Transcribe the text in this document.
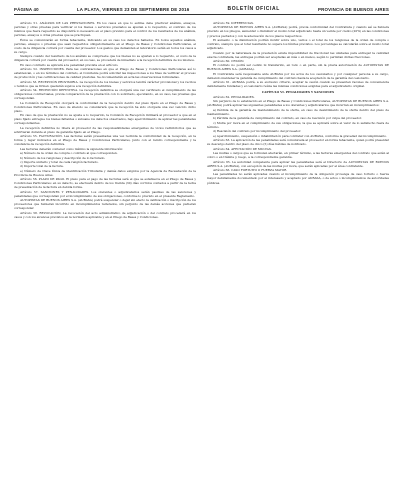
PÁGINA 40	LA PLATA, VIERNES 23 DE SEPTIEMBRE DE 2016	BOLETÍN OFICIAL	PROVINCIA DE BUENOS AIRES

Artículo 51. ANÁLISIS DE LAS PRESTACIONES. En los casos en que lo estime debe practicar análisis, ensayos, pericias y otras pruebas para verificar si los bienes o servicios prestados se ajustan a lo requerido, el contrato de los mismos que fuera requerido se dispondrá lo necesario en el plazo previsto para el control de los resultados de los análisis, pericias, ensayos u otras pruebas que se practiquen.

Éstos se comunicarán en forma fehaciente, indicando en su caso los defectos hallados. En todos aquellos análisis, pericias, ensayos o pruebas que sean requeridos obligatoriamente en el Pliego de Bases y Condiciones Particulares, el costo de la diligencia correrá por cuenta del proveedor. Los gastos que demanden el laboratorio serán en todos los casos a su cargo.

Siempre cuando del resultado de los análisis se compruebe que los bienes no se ajustan a lo requerido, el costo de la diligencia correrá por cuenta del proveedor, en su caso, se procederá de inmediato a la recepción definitiva de los mismos.

En caso contrario se aplicará a la penalidad prevista en el artículo.

Artículo 52. INSPECCIONES. Para las contrataciones en que el Pliego de Bases y Condiciones Particulares así lo establezcan, o en los términos del contrato, el Comitente podrá solicitar las inspecciones a los fines de verificar el proceso de producción y las certificaciones de calidad previstas. Se documentarán en acta las observaciones formuladas.

Artículo 53. RECEPCIÓN PROVISORIA. La recepción de los bienes y servicios tendrá carácter provisional y los recibos o remitos que se firmen quedarán sujetos a la recepción definitiva.

Artículo 54. RECEPCIÓN DEFINITIVA. La recepción definitiva se otorgará una vez verificado el cumplimiento de las obligaciones contractuales, previa comparación de la prestación con lo solicitado, ejecutando, en su caso, las pruebas que correspondan.

La Comisión de Recepción otorgará la conformidad de la recepción dentro del plazo fijado en el Pliego de Bases y Condiciones Particulares. En caso de silencio se considerará que la recepción ha sido otorgada una vez vencido dicho plazo.

En caso de que la prestación no se ajuste a lo requerido, la Comisión de Recepción intimará al proveedor a que en el plazo fijado entregue los bienes faltantes o subsane los defectos observados, bajo apercibimiento de aplicar las penalidades correspondientes.

La recepción definitiva no libera al proveedor de las responsabilidades emergentes de vicios redhibitorios que se advirtieran durante el plazo de garantía fijado en el Pliego.

Artículo 55. FACTURACIÓN. Las facturas serán presentadas una vez recibida la conformidad de la recepción, en la forma y lugar indicados en el Pliego de Bases y Condiciones Particulares, junto con el remito correspondiente y la constancia de recepción definitiva.

Las facturas deberán contener como mínimo la siguiente información:

a) Número de la orden de compra o contrato al que corresponden.

b) Número de los renglones y descripción de lo facturado.

c) Importe unitario y total de cada renglón facturado.

d) Importe total de la factura.

e) Número de Clave Única de Identificación Tributaria y demás datos exigidos por la Agencia de Recaudación de la Provincia de Buenos Aires.

Artículo 56. PLAZO DE PAGO. El plazo para el pago de las facturas será el que se establezca en el Pliego de Bases y Condiciones Particulares; en su defecto, se efectuará dentro de los treinta (30) días corridos contados a partir de la fecha de presentación de la factura en debida forma.

Artículo 57. SANCIONES Y PENALIDADES. Los oferentes o adjudicatarios serán pasibles de las sanciones y penalidades que correspondan por el incumplimiento de sus obligaciones, conforme lo previsto en el presente Reglamento.

AUTOPISTAS DE BUENOS AIRES S.A. (AUBASA) podrá suspender o dejar sin efecto la calificación o inscripción de los proveedores que hubieran incurrido en incumplimientos reiterados, sin perjuicio de las demás acciones que pudieran corresponder.

Artículo 58. REVOCACIÓN. La revocación del acto administrativo de adjudicación o del contrato procederá en los casos y con los alcances previstos en la normativa aplicable y en el Pliego de Bases y Condiciones.

Artículo 59. DIFERENCIAS.

AUTOPISTAS DE BUENOS AIRES S.A. (AUBASA) podrá, previa conformidad del Contratista y cuando así se hubiera previsto en los pliegos, aumentar o disminuir el monto total adjudicado hasta un veinte por ciento (20%) en las condiciones y precios pactados y con la adecuación de los plazos respectivos.

El aumento o la disminución podrán incidir sobre uno, varios o el total de los renglones de la orden de compra o contrato, siempre que el total resultante no supere los límites previstos. Los porcentajes se calcularán sobre el monto total adjudicado.

Cuando por la naturaleza de la prestación exista imposibilidad de fraccionar las unidades para entregar la cantidad exacta contratada, las entregas podrán ser aceptadas en más o en menos, según lo permitan dichas fracciones.

Artículo 60. CESIÓN.

El contrato no podrá ser cedido ni transferido, en todo o en parte, sin la previa autorización de AUTOPISTAS DE BUENOS AIRES S.A. (AUBASA).

El Contratista será responsable ante AUBASA por los actos de los cesionarios y por cualquier persona a su cargo, debiendo mantener la garantía de cumplimiento del contrato hasta la aceptación de la garantía del cesionario.

Artículo 61. AUBASA podrá, a su exclusivo criterio, aceptar la cesión cuando se presenten razones de conveniencia debidamente fundadas y el cesionario reúna las mismas condiciones exigidas para el adjudicatario original.

CAPÍTULO VI. PENALIDADES Y SANCIONES

Artículo 62. PENALIDADES.

Sin perjuicio de lo establecido en el Pliego de Bases y Condiciones Particulares, AUTOPISTAS DE BUENOS AIRES S.A. (AUBASA) podrá aplicar las siguientes penalidades a los oferentes y adjudicatarios que incurran en incumplimientos:

a) Pérdida de la garantía de mantenimiento de la oferta, en caso de desistimiento de la oferta dentro del plazo de mantenimiento.

b) Pérdida de la garantía de cumplimiento del contrato, en caso de rescisión por culpa del proveedor.

c) Multa por mora en el cumplimiento de sus obligaciones, la que se aplicará sobre el valor de lo satisfecho fuera de término.

d) Rescisión del contrato por incumplimiento del proveedor.

e) Apercibimiento, suspensión o inhabilitación para contratar con AUBASA, conforme la gravedad del incumplimiento.

Artículo 63. La aplicación de las penalidades será comunicada al proveedor en forma fehaciente, quien podrá presentar su descargo dentro del plazo de cinco (5) días hábiles de notificado.

Artículo 64. AFECTACIÓN DE MULTAS.

Las multas o cargos que se formulen afectarán, en primer término, a las facturas emergentes del contrato que estén al cobro o en trámite y, luego, a la correspondiente garantía.

Artículo 65. La autoridad competente para aplicar las penalidades será el Directorio de AUTOPISTAS DE BUENOS AIRES S.A. (AUBASA), con excepción de las multas por mora, que serán aplicadas por el área contratante.

Artículo 66. CASO FORTUITO O FUERZA MAYOR.

Las penalidades no serán aplicadas cuando el incumplimiento de la obligación provenga de caso fortuito o fuerza mayor debidamente documentado por el interesado y aceptado por AUBASA, o de actos o incumplimientos de autoridades públicas.
